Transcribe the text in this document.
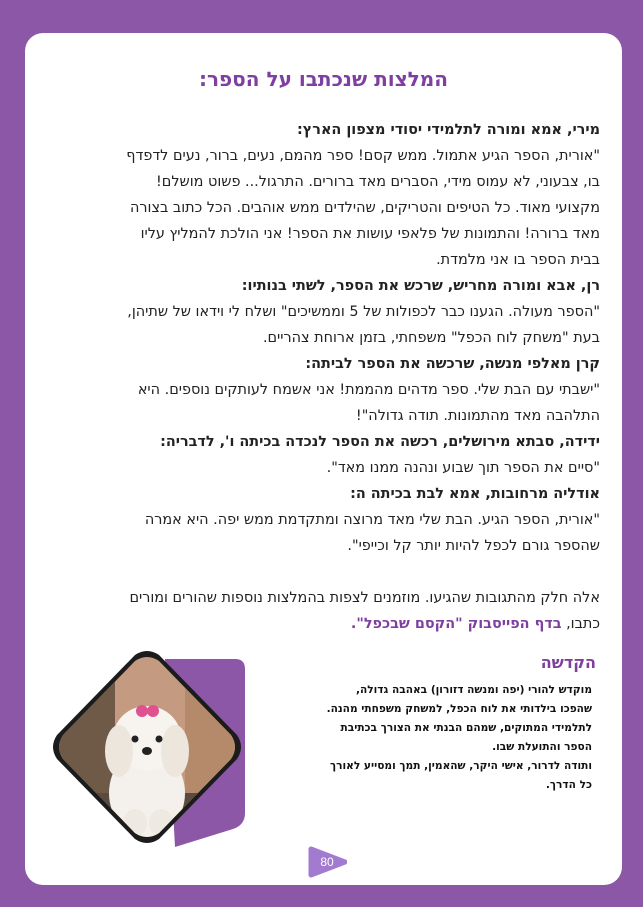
המלצות שנכתבו על הספר:

מירי, אמא ומורה לתלמידי יסודי מצפון הארץ:

"אורית, הספר הגיע אתמול. ממש קסם! ספר מהמם, נעים, ברור, נעים לדפדף

בו, צבעוני, לא עמוס מידי, הסברים מאד ברורים. התרגול... פשוט מושלם!

מקצועי מאוד. כל הטיפים והטריקים, שהילדים ממש אוהבים. הכל כתוב בצורה

מאד ברורה! והתמונות של פלאפי עושות את הספר! אני הולכת להמליץ עליו

בבית הספר בו אני מלמדת.

רן, אבא ומורה מחריש, שרכש את הספר, לשתי בנותיו:

"הספר מעולה. הגענו כבר לכפולות של 5 וממשיכים" ושלח לי וידאו של שתיהן,

בעת "משחק לוח הכפל" משפחתי, בזמן ארוחת צהריים.

קרן מאלפי מנשה, שרכשה את הספר לביתה:

"ישבתי עם הבת שלי. ספר מדהים מהממת! אני אשמח לעותקים נוספים. היא

התלהבה מאד מהתמונות. תודה גדולה"!

ידידה, סבתא מירושלים, רכשה את הספר לנכדה בכיתה ו', לדבריה:

"סיים את הספר תוך שבוע ונהנה ממנו מאד".

אודליה מרחובות, אמא לבת בכיתה ה:

"אורית, הספר הגיע. הבת שלי מאד מרוצה ומתקדמת ממש יפה. היא אמרה

שהספר גורם לכפל להיות יותר קל וכייפי".

אלה חלק מהתגובות שהגיעו. מוזמנים לצפות בהמלצות נוספות שהורים ומורים

כתבו, בדף הפייסבוק "הקסם שבכפל".

הקדשה

מוקדש להורי (יפה ומנשה דזורון) באהבה גדולה,

שהפכו בילדותי את לוח הכפל, למשחק משפחתי מהנה.

לתלמידי המתוקים, שמהם הבנתי את הצורך בכתיבת

הספר והתועלת שבו.

ותודה לדרור, אישי היקר, שהאמין, תמך ומסייע לאורך

כל הדרך.

80
